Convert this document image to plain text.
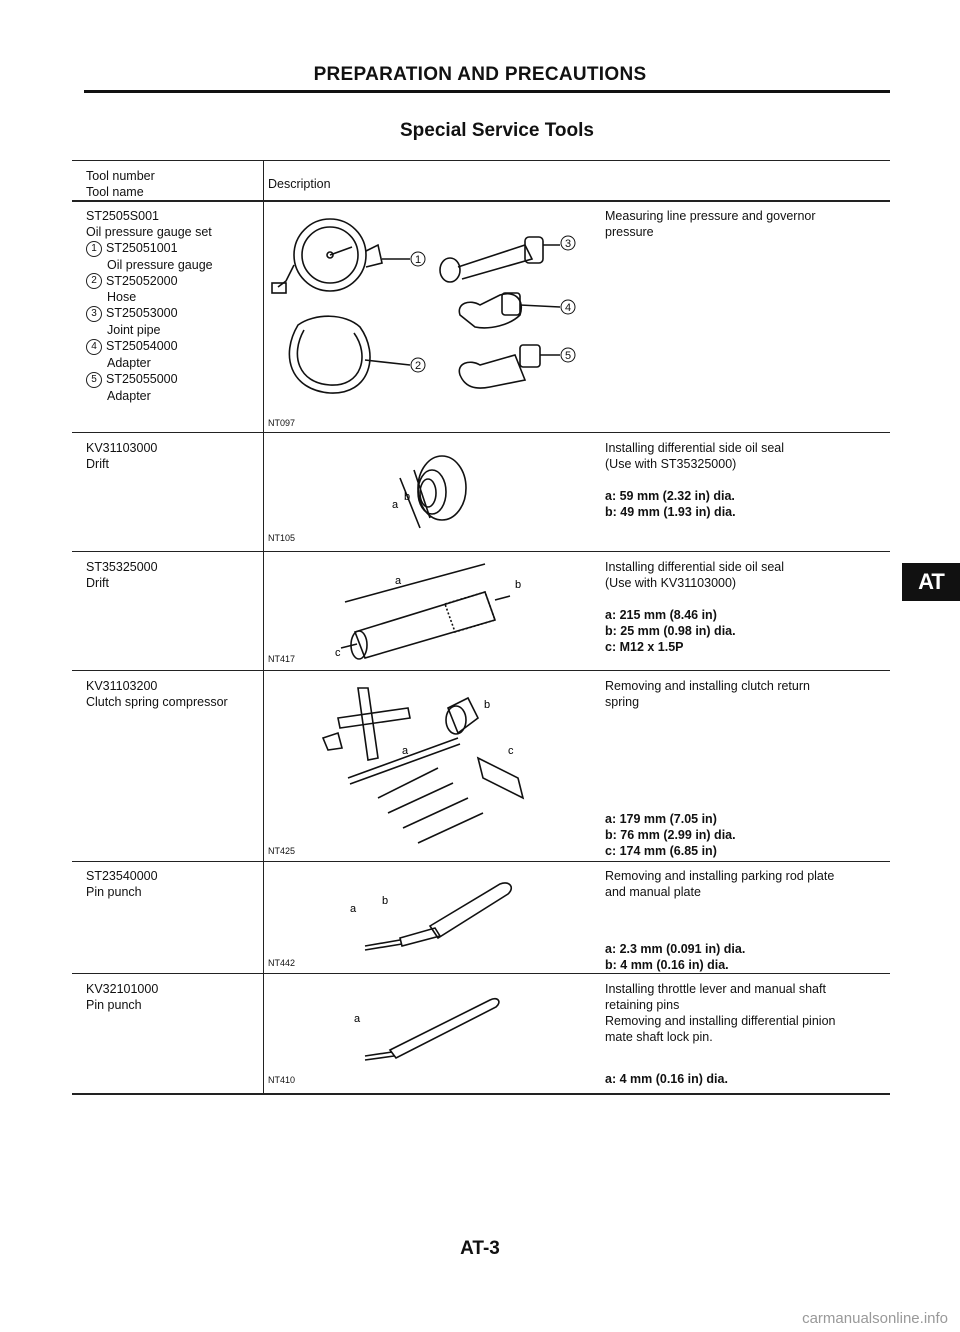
PREPARATION AND PRECAUTIONS
Special Service Tools
Tool number
Tool name
Description
ST2505S001
Oil pressure gauge set
1 ST25051001
Oil pressure gauge
2 ST25052000
Hose
3 ST25053000
Joint pipe
4 ST25054000
Adapter
5 ST25055000
Adapter
1
2
3
4
5
NT097
Measuring line pressure and governor
pressure
KV31103000
Drift
a
b
NT105
Installing differential side oil seal
(Use with ST35325000)
a: 59 mm (2.32 in) dia.
b: 49 mm (1.93 in) dia.
ST35325000
Drift	a	b
c
NT417
Installing differential side oil seal
(Use with KV31103000)
a: 215 mm (8.46 in)
b: 25 mm (0.98 in) dia.
c: M12 x 1.5P
KV31103200
Clutch spring compressor
a
b
c
NT425
Removing and installing clutch return
spring
a: 179 mm (7.05 in)
b: 76 mm (2.99 in) dia.
c: 174 mm (6.85 in)
ST23540000
Pin punch
a
b
NT442
Removing and installing parking rod plate
and manual plate
a: 2.3 mm (0.091 in) dia.
b: 4 mm (0.16 in) dia.
KV32101000
Pin punch
a
NT410
Installing throttle lever and manual shaft
retaining pins
Removing and installing differential pinion
mate shaft lock pin.
a: 4 mm (0.16 in) dia.
AT
AT-3
carmanualsonline.info
